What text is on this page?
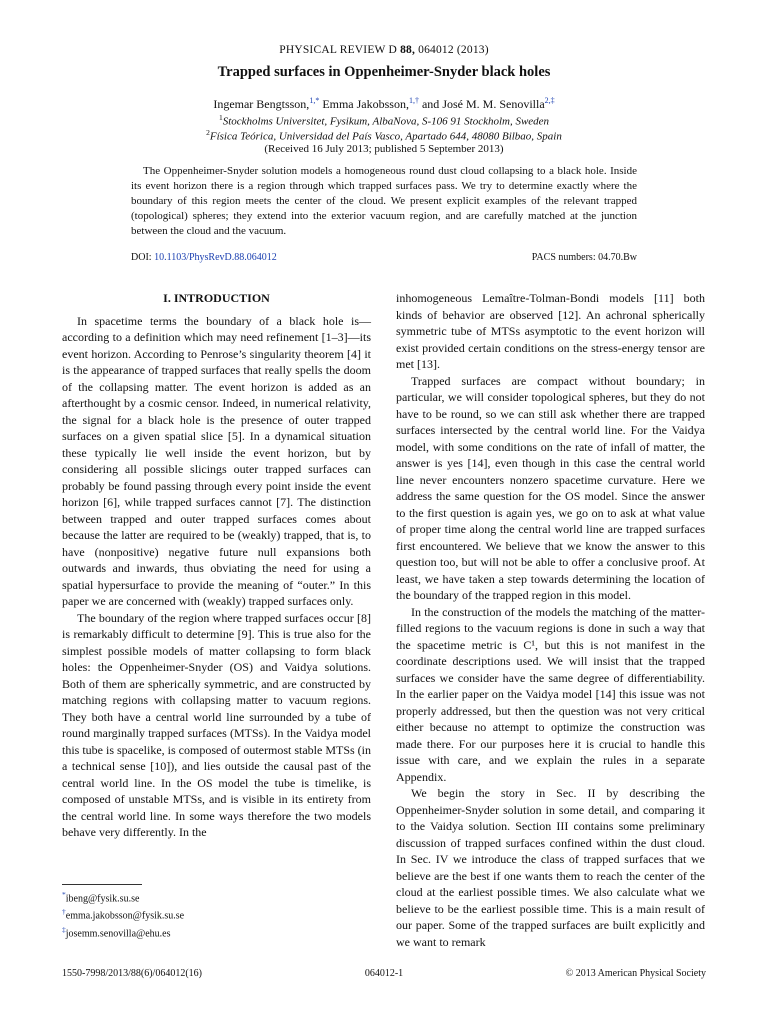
PHYSICAL REVIEW D 88, 064012 (2013)
Trapped surfaces in Oppenheimer-Snyder black holes
Ingemar Bengtsson,$^{1,*}$ Emma Jakobsson,$^{1,\dagger}$ and José M. M. Senovilla$^{2,\ddagger}$
$^1$Stockholms Universitet, Fysikum, AlbaNova, S-106 91 Stockholm, Sweden
$^2$Física Teórica, Universidad del País Vasco, Apartado 644, 48080 Bilbao, Spain
(Received 16 July 2013; published 5 September 2013)

The Oppenheimer-Snyder solution models a homogeneous round dust cloud collapsing to a black hole. Inside its event horizon there is a region through which trapped surfaces pass. We try to determine exactly where the boundary of this region meets the center of the cloud. We present explicit examples of the relevant trapped (topological) spheres; they extend into the exterior vacuum region, and are carefully matched at the junction between the cloud and the vacuum.

DOI: 10.1103/PhysRevD.88.064012	PACS numbers: 04.70.Bw
I. INTRODUCTION

In spacetime terms the boundary of a black hole is—according to a definition which may need refinement [1–3]—its event horizon. According to Penrose’s singularity theorem [4] it is the appearance of trapped surfaces that really spells the doom of the collapsing matter. The event horizon is added as an afterthought by a cosmic censor. Indeed, in numerical relativity, the signal for a black hole is the presence of outer trapped surfaces on a given spatial slice [5]. In a dynamical situation these typically lie well inside the event horizon, but by considering all possible slicings outer trapped surfaces can probably be found passing through every point inside the event horizon [6], while trapped surfaces cannot [7]. The distinction between trapped and outer trapped surfaces comes about because the latter are required to be (weakly) trapped, that is, to have (nonpositive) negative future null expansions both outwards and inwards, thus obviating the need for using a spatial hypersurface to provide the meaning of “outer.” In this paper we are concerned with (weakly) trapped surfaces only.

The boundary of the region where trapped surfaces occur [8] is remarkably difficult to determine [9]. This is true also for the simplest possible models of matter collapsing to form black holes: the Oppenheimer-Snyder (OS) and Vaidya solutions. Both of them are spherically symmetric, and are constructed by matching regions with collapsing matter to vacuum regions. They both have a central world line surrounded by a tube of round marginally trapped surfaces (MTSs). In the Vaidya model this tube is spacelike, is composed of outermost stable MTSs (in a technical sense [10]), and lies outside the causal past of the central world line. In the OS model the tube is timelike, is composed of unstable MTSs, and is visible in its entirety from the central world line. In some ways therefore the two models behave very differently. In the

inhomogeneous Lemaître-Tolman-Bondi models [11] both kinds of behavior are observed [12]. An achronal spherically symmetric tube of MTSs asymptotic to the event horizon will exist provided certain conditions on the stress-energy tensor are met [13].

Trapped surfaces are compact without boundary; in particular, we will consider topological spheres, but they do not have to be round, so we can still ask whether there are trapped surfaces intersected by the central world line. For the Vaidya model, with some conditions on the rate of infall of matter, the answer is yes [14], even though in this case the central world line never encounters nonzero spacetime curvature. Here we address the same question for the OS model. Since the answer to the first question is again yes, we go on to ask at what value of proper time along the central world line are trapped surfaces first encountered. We believe that we know the answer to this question too, but will not be able to offer a conclusive proof. At least, we have taken a step towards determining the location of the boundary of the trapped region in this model.

In the construction of the models the matching of the matter-filled regions to the vacuum regions is done in such a way that the spacetime metric is C¹, but this is not manifest in the coordinate descriptions used. We will insist that the trapped surfaces we consider have the same degree of differentiability. In the earlier paper on the Vaidya model [14] this issue was not properly addressed, but then the question was not very critical either because no attempt to optimize the construction was made there. For our purposes here it is crucial to handle this issue with care, and we explain the rules in a separate Appendix.

We begin the story in Sec. II by describing the Oppenheimer-Snyder solution in some detail, and comparing it to the Vaidya solution. Section III contains some preliminary discussion of trapped surfaces confined within the dust cloud. In Sec. IV we introduce the class of trapped surfaces that we believe are the best if one wants them to reach the center of the cloud at the earliest possible times. We also calculate what we believe to be the earliest possible time. This is a main result of our paper. Some of the trapped surfaces are built explicitly and we want to remark

*ibeng@fysik.su.se
†emma.jakobsson@fysik.su.se
‡josemm.senovilla@ehu.es
1550-7998/2013/88(6)/064012(16)	064012-1	© 2013 American Physical Society
